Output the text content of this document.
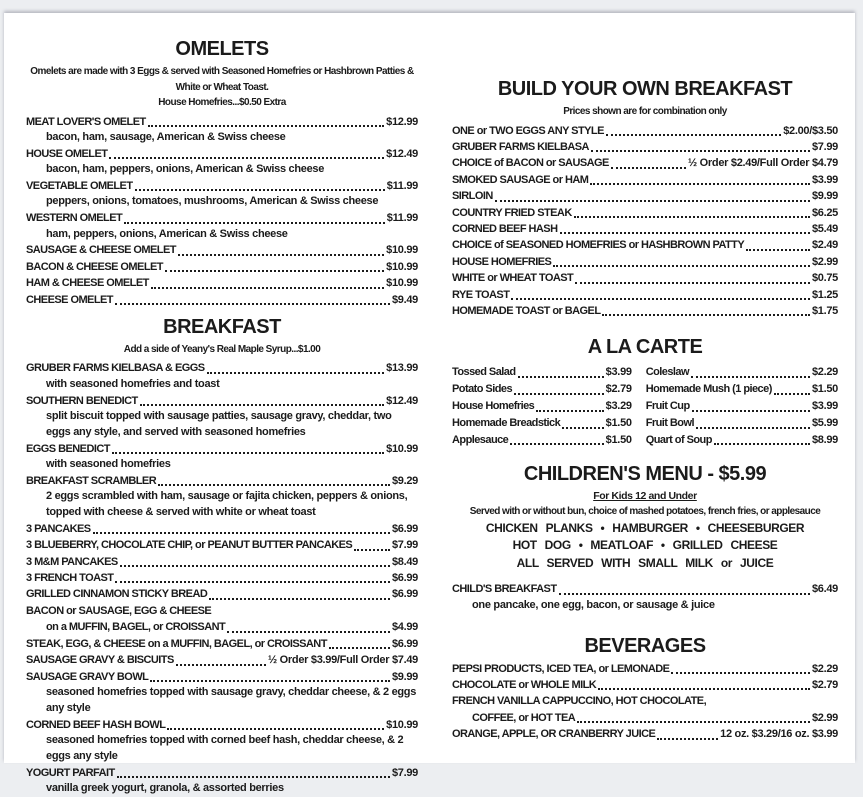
OMELETS
Omelets are made with 3 Eggs & served with Seasoned Homefries or Hashbrown Patties & White or Wheat Toast.
House Homefries...$0.50 Extra
MEAT LOVER'S OMELET	$12.99
bacon, ham, sausage, American & Swiss cheese
HOUSE OMELET	$12.49
bacon, ham, peppers, onions, American & Swiss cheese
VEGETABLE OMELET	$11.99
peppers, onions, tomatoes, mushrooms, American & Swiss cheese
WESTERN OMELET	$11.99
ham, peppers, onions, American & Swiss cheese
SAUSAGE & CHEESE OMELET	$10.99
BACON & CHEESE OMELET	$10.99
HAM & CHEESE OMELET	$10.99
CHEESE OMELET	$9.49
BREAKFAST
Add a side of Yeany's Real Maple Syrup...$1.00
GRUBER FARMS KIELBASA & EGGS	$13.99
with seasoned homefries and toast
SOUTHERN BENEDICT	$12.49
split biscuit topped with sausage patties, sausage gravy, cheddar, two eggs any style, and served with seasoned homefries
EGGS BENEDICT	$10.99
with seasoned homefries
BREAKFAST SCRAMBLER	$9.29
2 eggs scrambled with ham, sausage or fajita chicken, peppers & onions, topped with cheese & served with white or wheat toast
3 PANCAKES	$6.99
3 BLUEBERRY, CHOCOLATE CHIP, or PEANUT BUTTER PANCAKES	$7.99
3 M&M PANCAKES	$8.49
3 FRENCH TOAST	$6.99
GRILLED CINNAMON STICKY BREAD	$6.99
BACON or SAUSAGE, EGG & CHEESE
on a MUFFIN, BAGEL, or CROISSANT	$4.99
STEAK, EGG, & CHEESE on a MUFFIN, BAGEL, or CROISSANT	$6.99
SAUSAGE GRAVY & BISCUITS	½ Order $3.99/Full Order $7.49
SAUSAGE GRAVY BOWL	$9.99
seasoned homefries topped with sausage gravy, cheddar cheese, & 2 eggs any style
CORNED BEEF HASH BOWL	$10.99
seasoned homefries topped with corned beef hash, cheddar cheese, & 2 eggs any style
YOGURT PARFAIT	$7.99
vanilla greek yogurt, granola, & assorted berries
BUILD YOUR OWN BREAKFAST
Prices shown are for combination only
ONE or TWO EGGS ANY STYLE	$2.00/$3.50
GRUBER FARMS KIELBASA	$7.99
CHOICE of BACON or SAUSAGE	½ Order $2.49/Full Order $4.79
SMOKED SAUSAGE or HAM	$3.99
SIRLOIN	$9.99
COUNTRY FRIED STEAK	$6.25
CORNED BEEF HASH	$5.49
CHOICE of SEASONED HOMEFRIES or HASHBROWN PATTY	$2.49
HOUSE HOMEFRIES	$2.99
WHITE or WHEAT TOAST	$0.75
RYE TOAST	$1.25
HOMEMADE TOAST or BAGEL	$1.75
A LA CARTE
Tossed Salad	$3.99
Potato Sides	$2.79
House Homefries	$3.29
Homemade Breadstick	$1.50
Applesauce	$1.50
Coleslaw	$2.29
Homemade Mush (1 piece)	$1.50
Fruit Cup	$3.99
Fruit Bowl	$5.99
Quart of Soup	$8.99
CHILDREN'S MENU - $5.99
For Kids 12 and Under
Served with or without bun, choice of mashed potatoes, french fries, or applesauce
CHICKEN PLANKS • HAMBURGER • CHEESEBURGER
HOT DOG • MEATLOAF • GRILLED CHEESE
ALL SERVED WITH SMALL MILK or JUICE
CHILD'S BREAKFAST	$6.49
one pancake, one egg, bacon, or sausage & juice
BEVERAGES
PEPSI PRODUCTS, ICED TEA, or LEMONADE	$2.29
CHOCOLATE or WHOLE MILK	$2.79
FRENCH VANILLA CAPPUCCINO, HOT CHOCOLATE,
COFFEE, or HOT TEA	$2.99
ORANGE, APPLE, OR CRANBERRY JUICE	12 oz. $3.29/16 oz. $3.99
